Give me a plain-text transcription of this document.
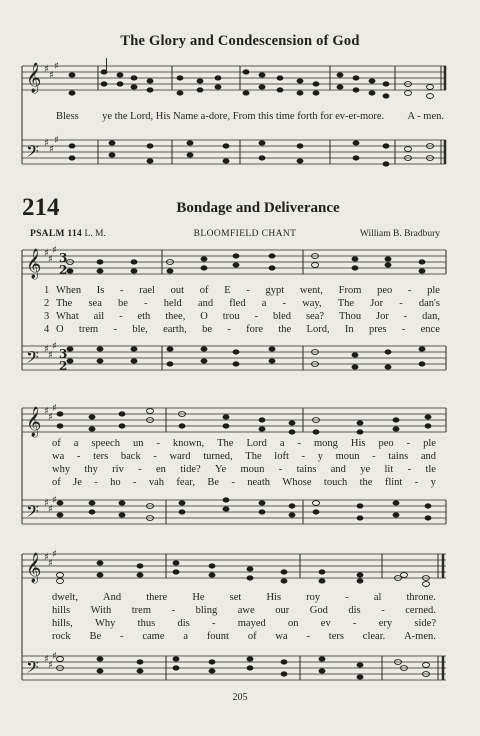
𝄞
𝄢
𝄞
𝄢
𝄞
𝄢
𝄞
𝄢
♯
♯
♯
♯
♯
♯
♯
♯
♯
♯
♯
♯
♯
♯
♯
♯
♯
♯
♯
♯
♯
♯
♯
♯
3
2
3
2
The Glory and Condescension of God
Bless ye the Lord, His Name a-dore, From this time forth for ev-er-more. A - men.
214	Bondage and Deliverance
PSALM 114 L. M.	BLOOMFIELD CHANT	William B. Bradbury
1 When Is - rael out of E - gypt went, From peo - ple
2 The sea be - held and fled a - way, The Jor - dan's
3 What ail - eth thee, O trou - bled sea? Thou Jor - dan,
4 O trem - ble, earth, be - fore the Lord, In pres - ence
of a speech un - known, The Lord a - mong His peo - ple
wa - ters back - ward turned, The loft - y moun - tains and
why thy riv - en tide? Ye moun - tains and ye lit - tle
of Je - ho - vah fear, Be - neath Whose touch the flint - y
dwelt, And there He set His roy - al throne.
hills With trem - bling awe our God dis - cerned.
hills, Why thus dis - mayed on ev - ery side?
rock Be - came a fount of wa - ters clear. A-men.
205
